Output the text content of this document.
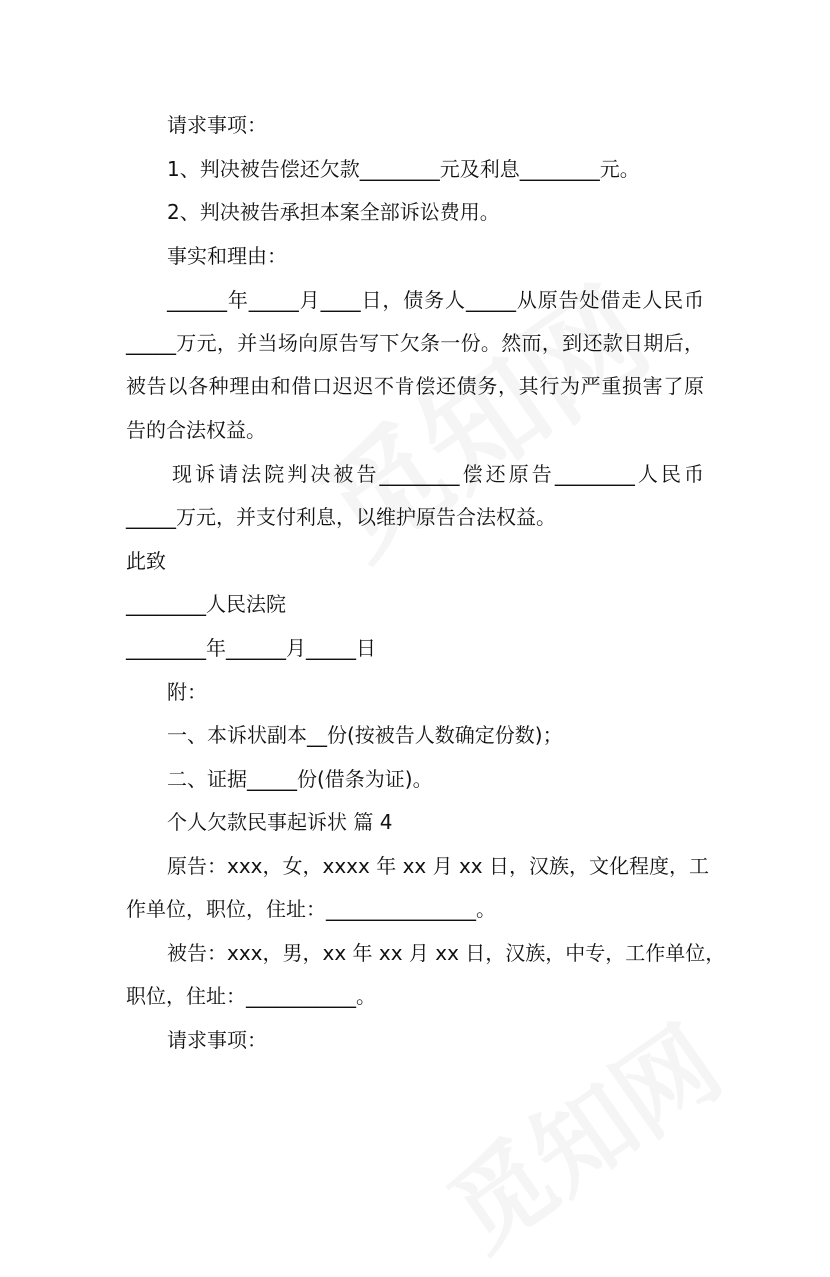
请求事项：
1、判决被告偿还欠款________元及利息________元。
2、判决被告承担本案全部诉讼费用。
事实和理由：
______年_____月____日，债务人_____从原告处借走人民币
_____万元，并当场向原告写下欠条一份。然而，到还款日期后，
被告以各种理由和借口迟迟不肯偿还债务，其行为严重损害了原
告的合法权益。
现诉请法院判决被告________偿还原告________人民币
_____万元，并支付利息，以维护原告合法权益。
此致
________人民法院
________年______月_____日
附：
一、本诉状副本__份(按被告人数确定份数)；
二、证据_____份(借条为证)。
个人欠款民事起诉状 篇 4
原告：xxx，女，xxxx 年 xx 月 xx 日，汉族，文化程度，工
作单位，职位，住址：_______________。
被告：xxx，男，xx 年 xx 月 xx 日，汉族，中专，工作单位，
职位，住址：___________。
请求事项：
